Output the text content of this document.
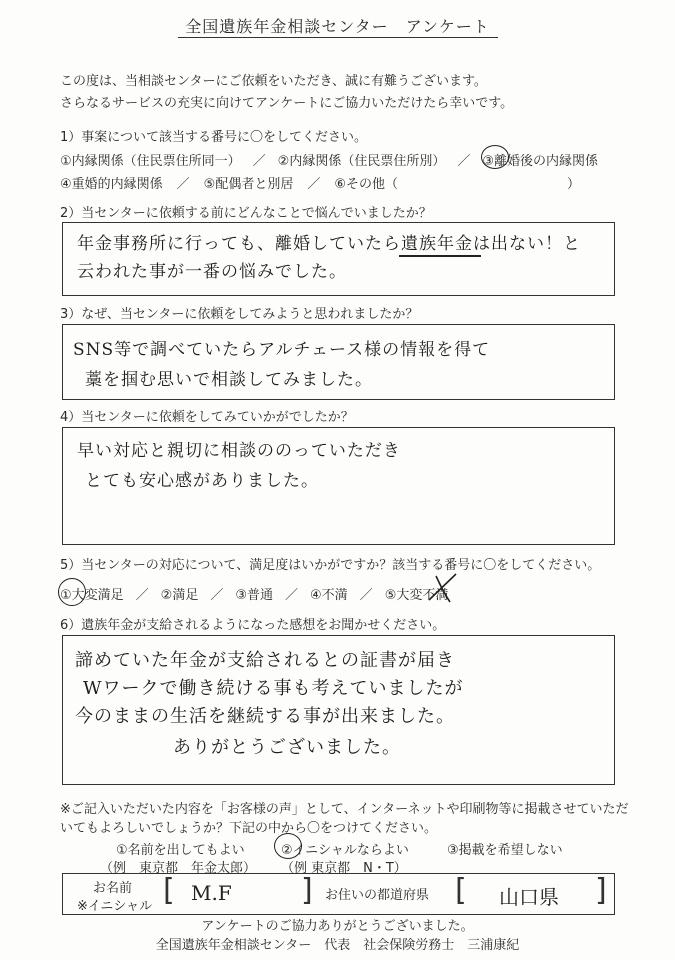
全国遺族年金相談センター　アンケート
この度は、当相談センターにご依頼をいただき、誠に有難うございます。
さらなるサービスの充実に向けてアンケートにご協力いただけたら幸いです。
1）事案について該当する番号に〇をしてください。
①内縁関係（住民票住所同一） ／ ②内縁関係（住民票住所別） ／ ③離婚後の内縁関係
④重婚的内縁関係 ／ ⑤配偶者と別居 ／ ⑥その他（	）
2）当センターに依頼する前にどんなことで悩んでいましたか？
年金事務所に行っても、離婚していたら遺族年金は出ない！と
云われた事が一番の悩みでした。
3）なぜ、当センターに依頼をしてみようと思われましたか？
SNS等で調べていたらアルチェース様の情報を得て
藁を掴む思いで相談してみました。
4）当センターに依頼をしてみていかがでしたか？
早い対応と親切に相談ののっていただき
とても安心感がありました。
5）当センターの対応について、満足度はいかがですか？該当する番号に〇をしてください。
①大変満足 ／ ②満足 ／ ③普通 ／ ④不満 ／ ⑤大変不満
6）遺族年金が支給されるようになった感想をお聞かせください。
諦めていた年金が支給されるとの証書が届き
Wワークで働き続ける事も考えていましたが
今のままの生活を継続する事が出来ました。
ありがとうございました。
※ご記入いただいた内容を「お客様の声」として、インターネットや印刷物等に掲載させていただ
いてもよろしいでしょうか？下記の中から〇をつけてください。
①名前を出してもよい
（例　東京都　年金太郎）
②イニシャルならよい
（例 東京都　N・T）
③掲載を希望しない
お名前
※イニシャル [ M.F ] お住いの都道府県 [ 山口県 ]
アンケートのご協力ありがとうございました。
全国遺族年金相談センター　代表　社会保険労務士　三浦康紀
